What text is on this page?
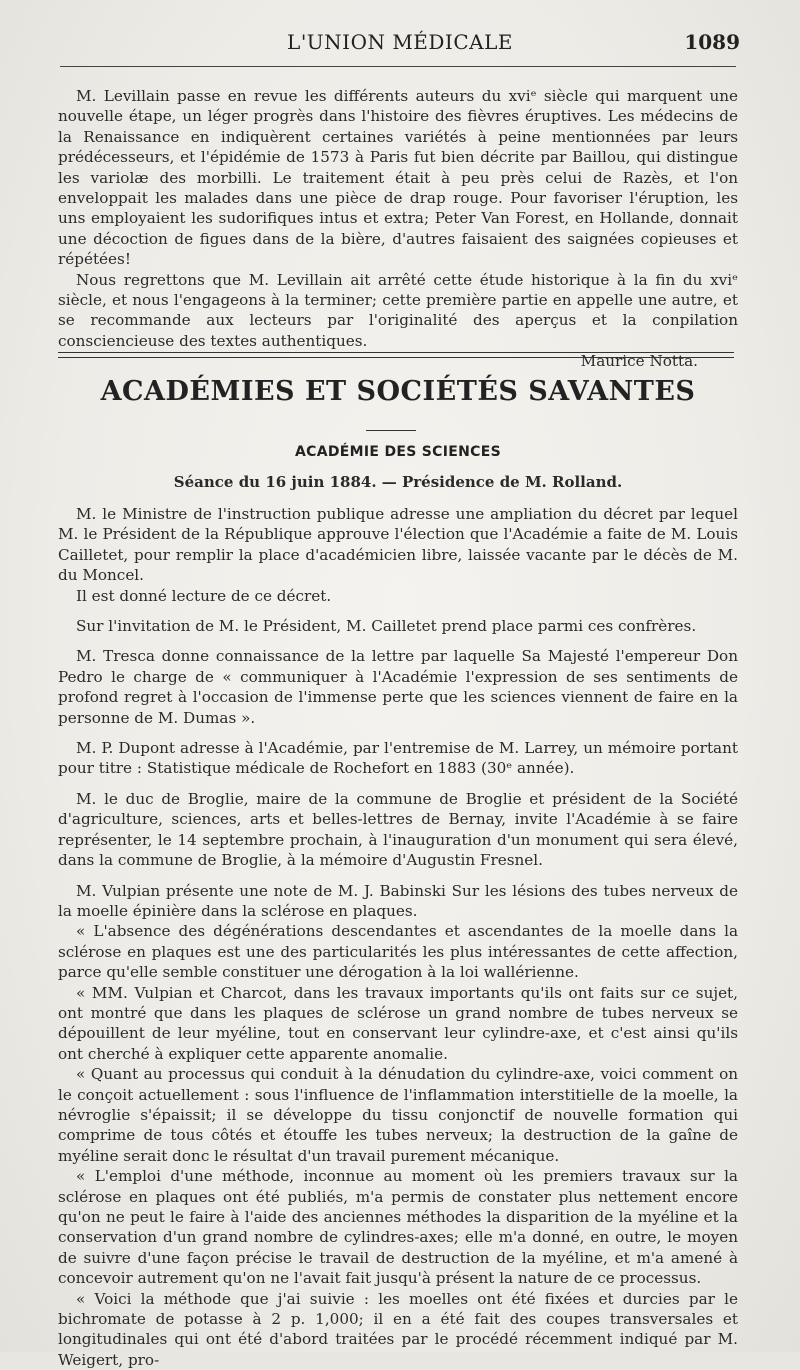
L'UNION MÉDICALE	1089

M. Levillain passe en revue les différents auteurs du xviᵉ siècle qui marquent une nouvelle étape, un léger progrès dans l'histoire des fièvres éruptives. Les médecins de la Renaissance en indiquèrent certaines variétés à peine mentionnées par leurs prédécesseurs, et l'épidémie de 1573 à Paris fut bien décrite par Baillou, qui distingue les variolæ des morbilli. Le traitement était à peu près celui de Razès, et l'on enveloppait les malades dans une pièce de drap rouge. Pour favoriser l'éruption, les uns employaient les sudorifiques intus et extra; Peter Van Forest, en Hollande, donnait une décoction de figues dans de la bière, d'autres faisaient des saignées copieuses et répétées!

Nous regrettons que M. Levillain ait arrêté cette étude historique à la fin du xviᵉ siècle, et nous l'engageons à la terminer; cette première partie en appelle une autre, et se recommande aux lecteurs par l'originalité des aperçus et la conpilation consciencieuse des textes authentiques.

Maurice Notta.

ACADÉMIES ET SOCIÉTÉS SAVANTES
ACADÉMIE DES SCIENCES
Séance du 16 juin 1884. — Présidence de M. Rolland.

M. le Ministre de l'instruction publique adresse une ampliation du décret par lequel M. le Président de la République approuve l'élection que l'Académie a faite de M. Louis Cailletet, pour remplir la place d'académicien libre, laissée vacante par le décès de M. du Moncel.

Il est donné lecture de ce décret.

Sur l'invitation de M. le Président, M. Cailletet prend place parmi ces confrères.

M. Tresca donne connaissance de la lettre par laquelle Sa Majesté l'empereur Don Pedro le charge de « communiquer à l'Académie l'expression de ses sentiments de profond regret à l'occasion de l'immense perte que les sciences viennent de faire en la personne de M. Dumas ».

M. P. Dupont adresse à l'Académie, par l'entremise de M. Larrey, un mémoire portant pour titre : Statistique médicale de Rochefort en 1883 (30ᵉ année).

M. le duc de Broglie, maire de la commune de Broglie et président de la Société d'agriculture, sciences, arts et belles-lettres de Bernay, invite l'Académie à se faire représenter, le 14 septembre prochain, à l'inauguration d'un monument qui sera élevé, dans la commune de Broglie, à la mémoire d'Augustin Fresnel.

M. Vulpian présente une note de M. J. Babinski Sur les lésions des tubes nerveux de la moelle épinière dans la sclérose en plaques.

« L'absence des dégénérations descendantes et ascendantes de la moelle dans la sclérose en plaques est une des particularités les plus intéressantes de cette affection, parce qu'elle semble constituer une dérogation à la loi wallérienne.

« MM. Vulpian et Charcot, dans les travaux importants qu'ils ont faits sur ce sujet, ont montré que dans les plaques de sclérose un grand nombre de tubes nerveux se dépouillent de leur myéline, tout en conservant leur cylindre-axe, et c'est ainsi qu'ils ont cherché à expliquer cette apparente anomalie.

« Quant au processus qui conduit à la dénudation du cylindre-axe, voici comment on le conçoit actuellement : sous l'influence de l'inflammation interstitielle de la moelle, la névroglie s'épaissit; il se développe du tissu conjonctif de nouvelle formation qui comprime de tous côtés et étouffe les tubes nerveux; la destruction de la gaîne de myéline serait donc le résultat d'un travail purement mécanique.

« L'emploi d'une méthode, inconnue au moment où les premiers travaux sur la sclérose en plaques ont été publiés, m'a permis de constater plus nettement encore qu'on ne peut le faire à l'aide des anciennes méthodes la disparition de la myéline et la conservation d'un grand nombre de cylindres-axes; elle m'a donné, en outre, le moyen de suivre d'une façon précise le travail de destruction de la myéline, et m'a amené à concevoir autrement qu'on ne l'avait fait jusqu'à présent la nature de ce processus.

« Voici la méthode que j'ai suivie : les moelles ont été fixées et durcies par le bichromate de potasse à 2 p. 1,000; il en a été fait des coupes transversales et longitudinales qui ont été d'abord traitées par le procédé récemment indiqué par M. Weigert, pro-
